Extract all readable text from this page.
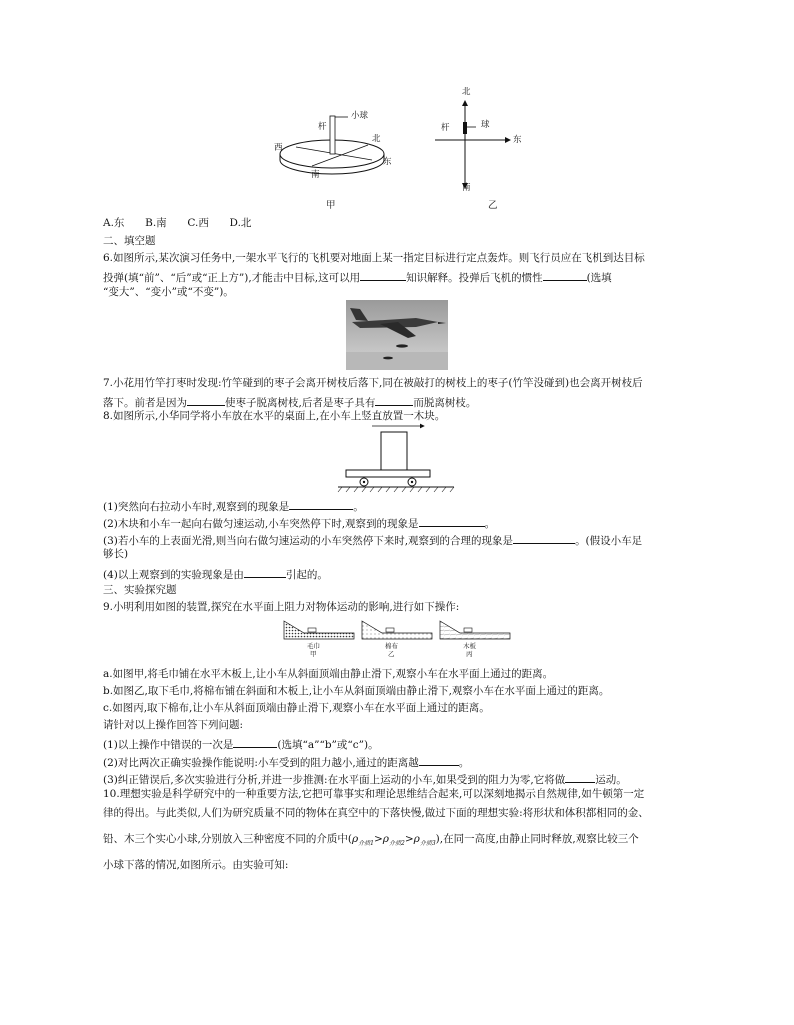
小球
杆
北
西
东
南
甲
北
杆	球
东
南
乙
A.东 B.南 C.西 D.北
二、填空题
6.如图所示,某次演习任务中,一架水平飞行的飞机要对地面上某一指定目标进行定点轰炸。则飞行员应在飞机到达目标
投弹(填“前”、“后”或“正上方”),才能击中目标,这可以用	知识解释。投弹后飞机的惯性	(选填
“变大”、“变小”或“不变”)。
7.小花用竹竿打枣时发现:竹竿碰到的枣子会离开树枝后落下,同在被敲打的树枝上的枣子(竹竿没碰到)也会离开树枝后
落下。前者是因为	使枣子脱离树枝,后者是枣子具有	而脱离树枝。
8.如图所示,小华同学将小车放在水平的桌面上,在小车上竖直放置一木块。
(1)突然向右拉动小车时,观察到的现象是	。
(2)木块和小车一起向右做匀速运动,小车突然停下时,观察到的现象是	。
(3)若小车的上表面光滑,则当向右做匀速运动的小车突然停下来时,观察到的合理的现象是	。(假设小车足
够长)
(4)以上观察到的实验现象是由	引起的。
三、实验探究题
9.小明利用如图的装置,探究在水平面上阻力对物体运动的影响,进行如下操作:
毛巾
甲
棉布
乙
木板
丙
a.如图甲,将毛巾铺在水平木板上,让小车从斜面顶端由静止滑下,观察小车在水平面上通过的距离。
b.如图乙,取下毛巾,将棉布铺在斜面和木板上,让小车从斜面顶端由静止滑下,观察小车在水平面上通过的距离。
c.如图丙,取下棉布,让小车从斜面顶端由静止滑下,观察小车在水平面上通过的距离。
请针对以上操作回答下列问题:
(1)以上操作中错误的一次是	(选填“a”“b”或“c”)。
(2)对比两次正确实验操作能说明:小车受到的阻力越小,通过的距离越	。
(3)纠正错误后,多次实验进行分析,并进一步推测:在水平面上运动的小车,如果受到的阻力为零,它将做	运动。
10.理想实验是科学研究中的一种重要方法,它把可靠事实和理论思维结合起来,可以深刻地揭示自然规律,如牛顿第一定
律的得出。与此类似,人们为研究质量不同的物体在真空中的下落快慢,做过下面的理想实验:将形状和体积都相同的金、
铅、木三个实心小球,分别放入三种密度不同的介质中$(\rho_{介质1}>\rho_{介质2}>\rho_{介质3})$,在同一高度,由静止同时释放,观察比较三个
小球下落的情况,如图所示。由实验可知:
